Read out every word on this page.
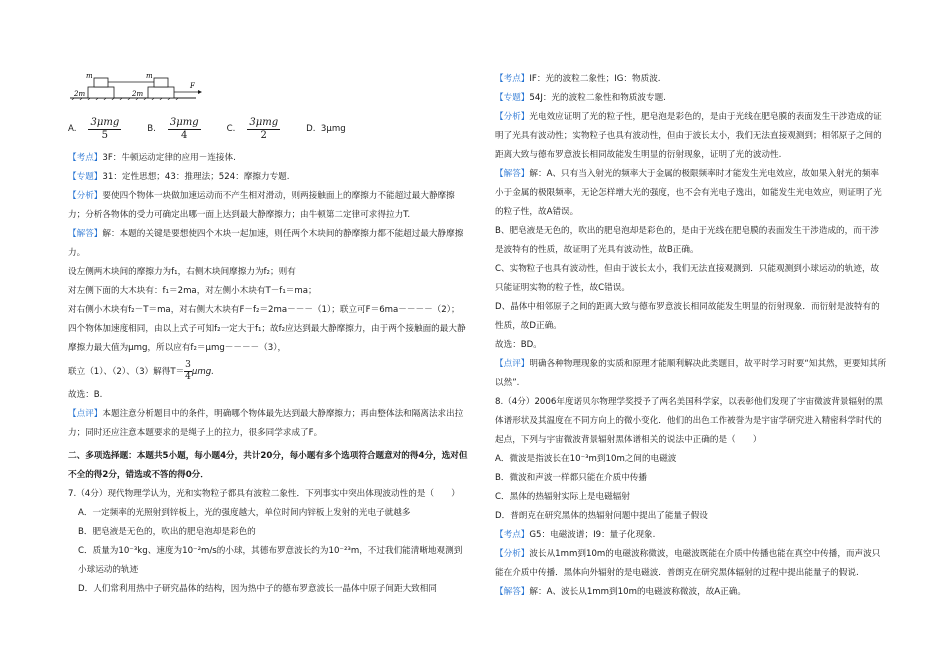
m	m
2m	2m
F
A. $\frac{\text{3μmg}}{5}$	B. $\frac{\text{3μmg}}{4}$	C. $\frac{\text{3μmg}}{2}$	D.
3μmg

【考点】3F：牛顿运动定律的应用－连接体.

【专题】31：定性思想；43：推理法；524：摩擦力专题.

【分析】要使四个物体一块做加速运动而不产生相对滑动，则两接触面上的摩擦力不能超过最大静摩擦力；分析各物体的受力可确定出哪一面上达到最大静摩擦力；由牛顿第二定律可求得拉力T.

【解答】解：本题的关键是要想使四个木块一起加速，则任两个木块间的静摩擦力都不能超过最大静摩擦力。

设左侧两木块间的摩擦力为f₁，右侧木块间摩擦力为f₂；则有

对左侧下面的大木块有：f₁＝2ma，对左侧小木块有T－f₁＝ma；

对右侧小木块有f₂－T＝ma，对右侧大木块有F－f₂＝2ma－－－（1）；联立可F＝6ma－－－－（2）；

四个物体加速度相同，由以上式子可知f₂一定大于f₁；故f₂应达到最大静摩擦力，由于两个接触面的最大静摩擦力最大值为μmg，所以应有f₂＝μmg－－－－（3），

联立（1）、（2）、（3）解得$T= \frac{3}{4} \mu mg$.

故选：B.

【点评】本题注意分析题目中的条件，明确哪个物体最先达到最大静摩擦力；再由整体法和隔离法求出拉力；同时还应注意本题要求的是绳子上的拉力，很多同学求成了F。

二、多项选择题：本题共5小题，每小题4分，共计20分，每小题有多个选项符合题意对的得4分，选对但不全的得2分，错选或不答的得0分．

7.（4分）现代物理学认为，光和实物粒子都具有波粒二象性．下列事实中突出体现波动性的是（　　）

A．一定频率的光照射到锌板上，光的强度越大，单位时间内锌板上发射的光电子就越多

B．肥皂液是无色的，吹出的肥皂泡却是彩色的

C．质量为10⁻³kg、速度为10⁻²m/s的小球，其德布罗意波长约为10⁻²³m，不过我们能清晰地观测到小球运动的轨迹

D．人们常利用热中子研究晶体的结构，因为热中子的德布罗意波长一晶体中原子间距大致相同

【考点】IF：光的波粒二象性；IG：物质波.

【专题】54J：光的波粒二象性和物质波专题.

【分析】光电效应证明了光的粒子性，肥皂泡是彩色的，是由于光线在肥皂膜的表面发生干涉造成的证明了光具有波动性；实物粒子也具有波动性，但由于波长太小，我们无法直接观测到；相邻原子之间的距离大致与德布罗意波长相同故能发生明显的衍射现象，证明了光的波动性.

【解答】解：A、只有当入射光的频率大于金属的极限频率时才能发生光电效应，故如果入射光的频率小于金属的极限频率，无论怎样增大光的强度，也不会有光电子逸出，如能发生光电效应，则证明了光的粒子性，故A错误。

B、肥皂液是无色的，吹出的肥皂泡却是彩色的，是由于光线在肥皂膜的表面发生干涉造成的，而干涉是波特有的性质，故证明了光具有波动性，故B正确。

C、实物粒子也具有波动性，但由于波长太小，我们无法直接观测到．只能观测到小球运动的轨迹，故只能证明实物的粒子性，故C错误。

D、晶体中相邻原子之间的距离大致与德布罗意波长相同故能发生明显的衍射现象．而衍射是波特有的性质，故D正确。

故选：BD。

【点评】明确各种物理现象的实质和原理才能顺利解决此类题目，故平时学习时要“知其然，更要知其所以然”.

8.（4分）2006年度诺贝尔物理学奖授予了两名美国科学家，以表彰他们发现了宇宙微波背景辐射的黑体谱形状及其温度在不同方向上的微小变化．他们的出色工作被誉为是宇宙学研究进入精密科学时代的起点，下列与宇宙微波背景辐射黑体谱相关的说法中正确的是（　　）

A．微波是指波长在10⁻³m到10m之间的电磁波

B．微波和声波一样都只能在介质中传播

C．黑体的热辐射实际上是电磁辐射

D．普朗克在研究黑体的热辐射问题中提出了能量子假设

【考点】G5：电磁波谱；I9：量子化现象.

【分析】波长从1mm到10m的电磁波称微波，电磁波既能在介质中传播也能在真空中传播，而声波只能在介质中传播．黑体向外辐射的是电磁波．普朗克在研究黑体辐射的过程中提出能量子的假说.

【解答】解：A、波长从1mm到10m的电磁波称微波，故A正确。
